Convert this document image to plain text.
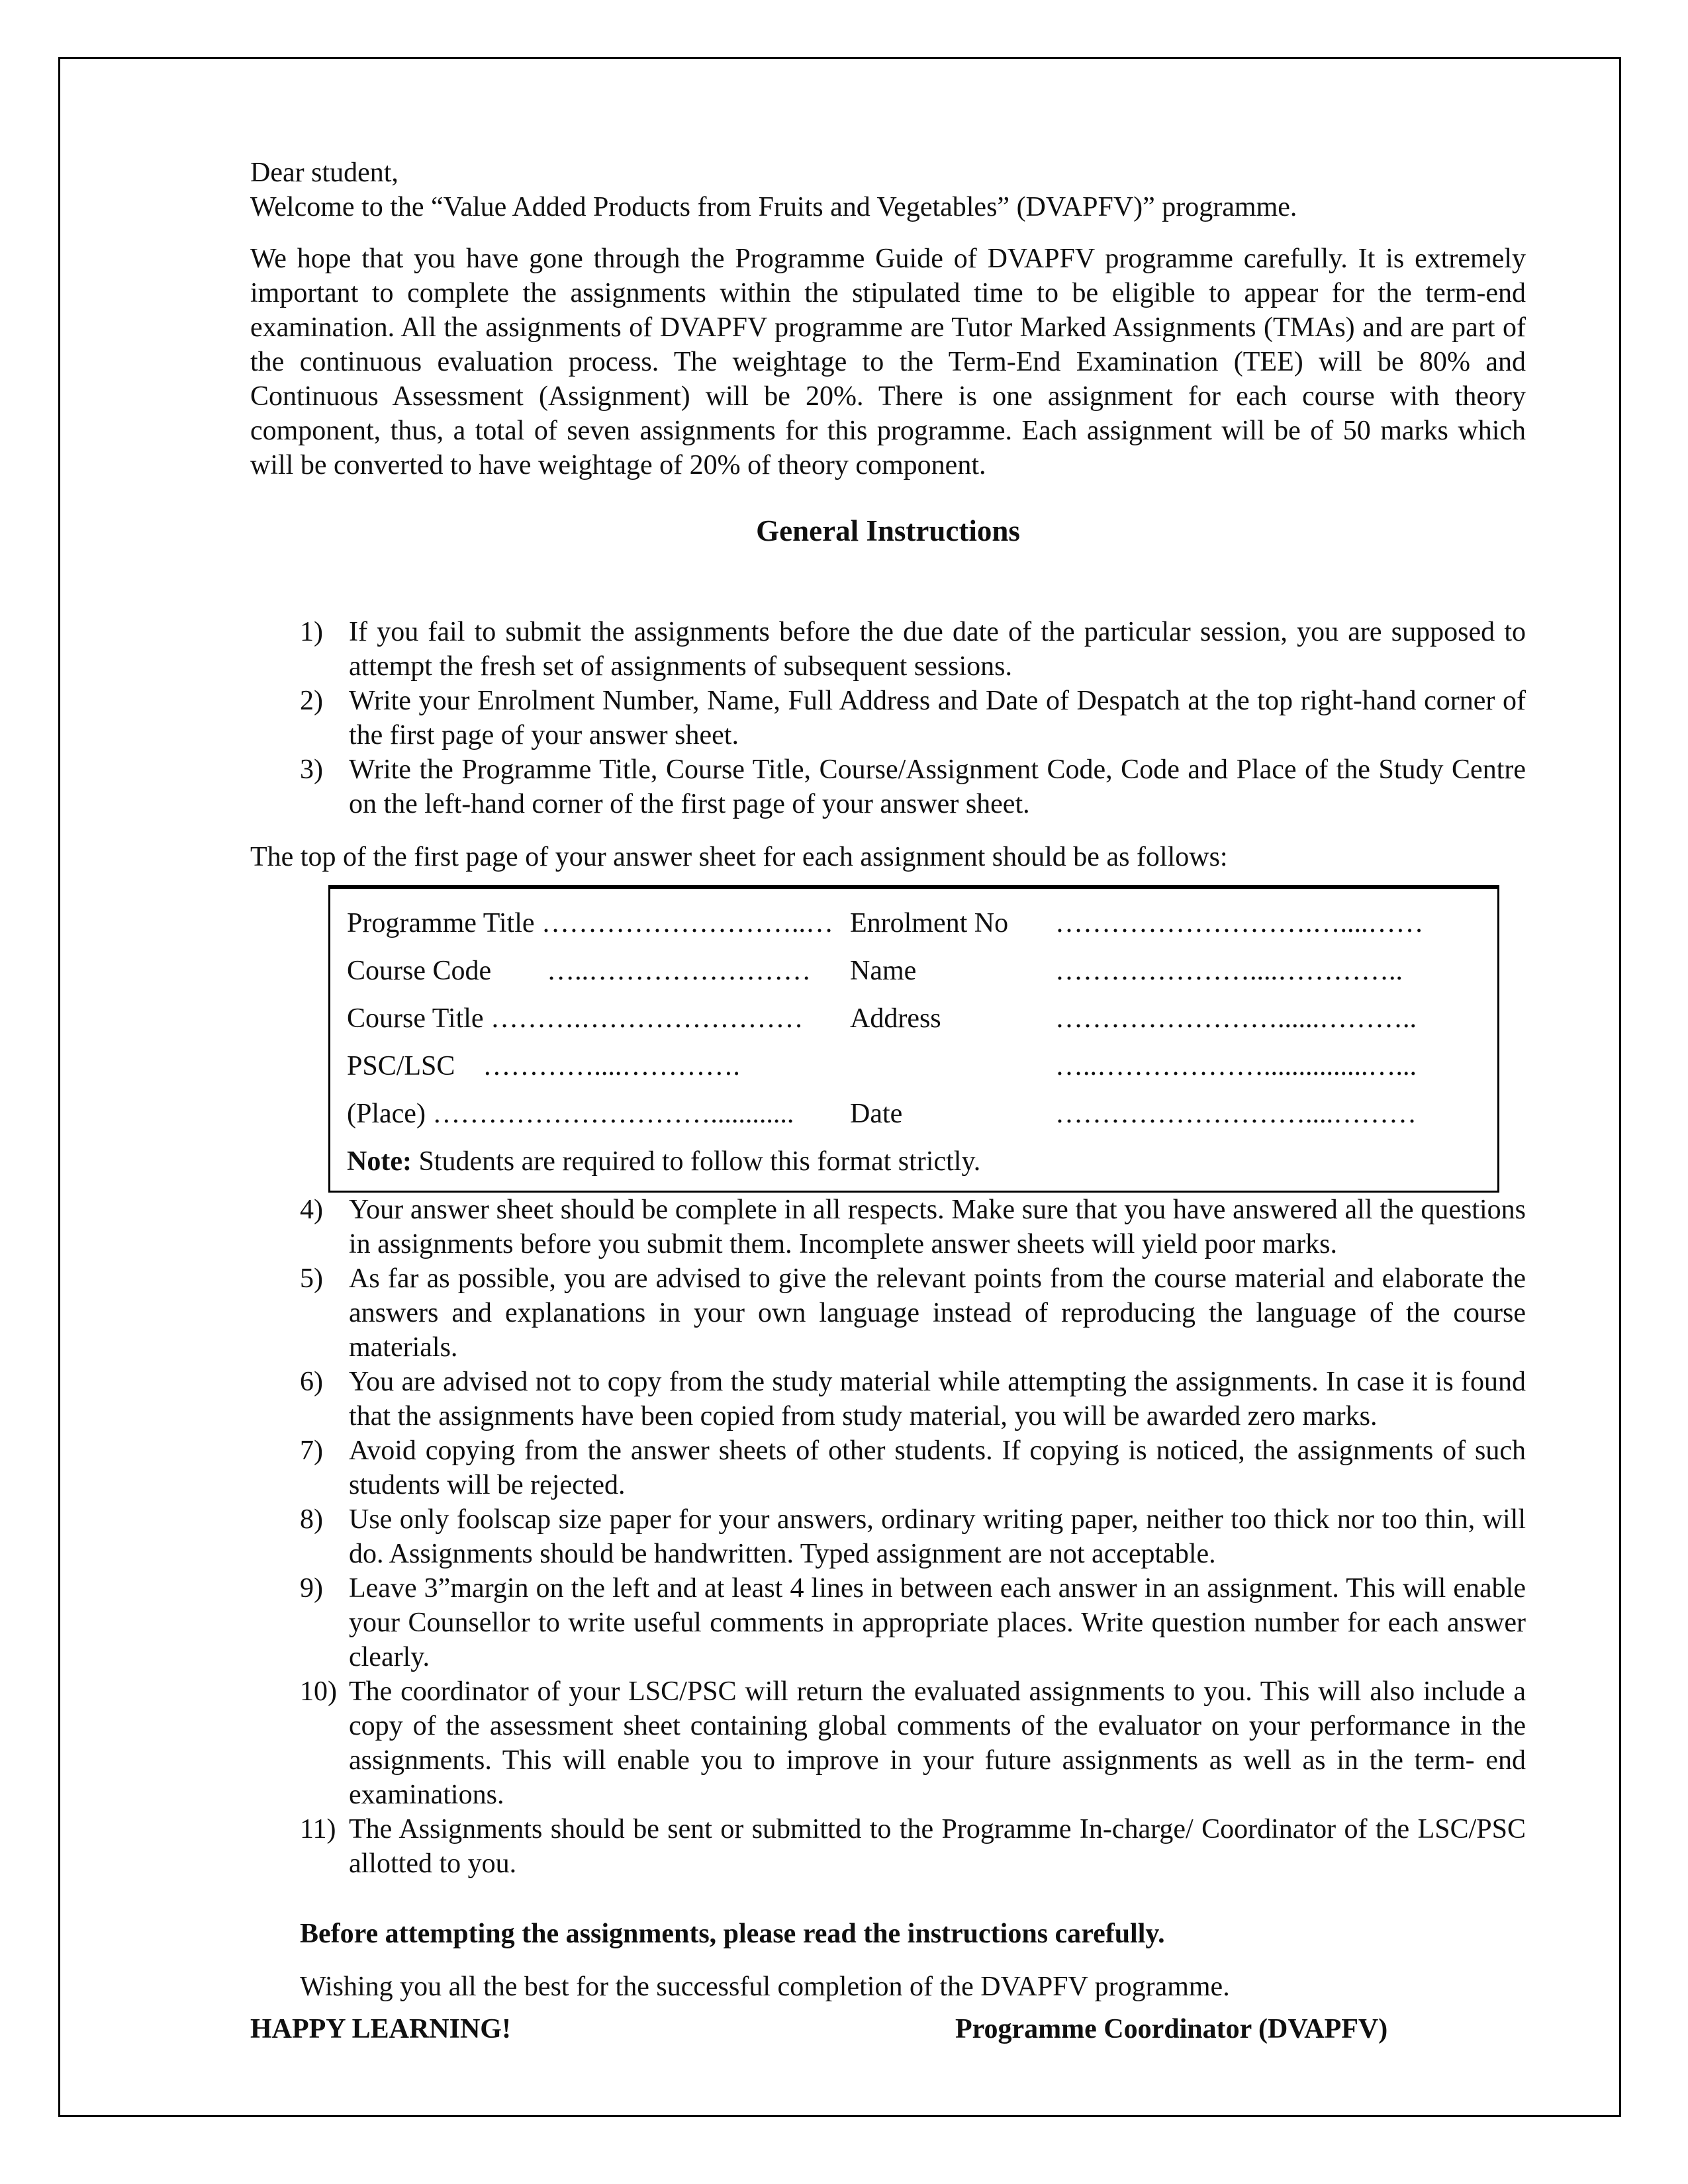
Dear student,

Welcome to the “Value Added Products from Fruits and Vegetables” (DVAPFV)” programme.

We hope that you have gone through the Programme Guide of DVAPFV programme carefully. It is extremely important to complete the assignments within the stipulated time to be eligible to appear for the term-end examination. All the assignments of DVAPFV programme are Tutor Marked Assignments (TMAs) and are part of the continuous evaluation process. The weightage to the Term-End Examination (TEE) will be 80% and Continuous Assessment (Assignment) will be 20%. There is one assignment for each course with theory component, thus, a total of seven assignments for this programme. Each assignment will be of 50 marks which will be converted to have weightage of 20% of theory component.

General Instructions
1) If you fail to submit the assignments before the due date of the particular session, you are supposed to attempt the fresh set of assignments of subsequent sessions.
2) Write your Enrolment Number, Name, Full Address and Date of Despatch at the top right-hand corner of the first page of your answer sheet.
3) Write the Programme Title, Course Title, Course/Assignment Code, Code and Place of the Study Centre on the left-hand corner of the first page of your answer sheet.

The top of the first page of your answer sheet for each assignment should be as follows:

Programme Title ………………………..… Enrolment No	……………………….…....……
Course Code  …..……………………	Name	…………………....…………..
Course Title ……….……………………	Address	……………………......………..
PSC/LSC …………....………….	…..………………...............…...
(Place) …………………………............	Date	………………………....………
Note: Students are required to follow this format strictly.
4) Your answer sheet should be complete in all respects. Make sure that you have answered all the questions in assignments before you submit them. Incomplete answer sheets will yield poor marks.
5) As far as possible, you are advised to give the relevant points from the course material and elaborate the answers and explanations in your own language instead of reproducing the language of the course materials.
6) You are advised not to copy from the study material while attempting the assignments. In case it is found that the assignments have been copied from study material, you will be awarded zero marks.
7) Avoid copying from the answer sheets of other students. If copying is noticed, the assignments of such students will be rejected.
8) Use only foolscap size paper for your answers, ordinary writing paper, neither too thick nor too thin, will do. Assignments should be handwritten. Typed assignment are not acceptable.
9) Leave 3”margin on the left and at least 4 lines in between each answer in an assignment. This will enable your Counsellor to write useful comments in appropriate places. Write question number for each answer clearly.
10) The coordinator of your LSC/PSC will return the evaluated assignments to you. This will also include a copy of the assessment sheet containing global comments of the evaluator on your performance in the assignments. This will enable you to improve in your future assignments as well as in the term- end examinations.
11) The Assignments should be sent or submitted to the Programme In-charge/ Coordinator of the LSC/PSC allotted to you.

Before attempting the assignments, please read the instructions carefully.

Wishing you all the best for the successful completion of the DVAPFV programme.

HAPPY LEARNING!	Programme Coordinator (DVAPFV)
